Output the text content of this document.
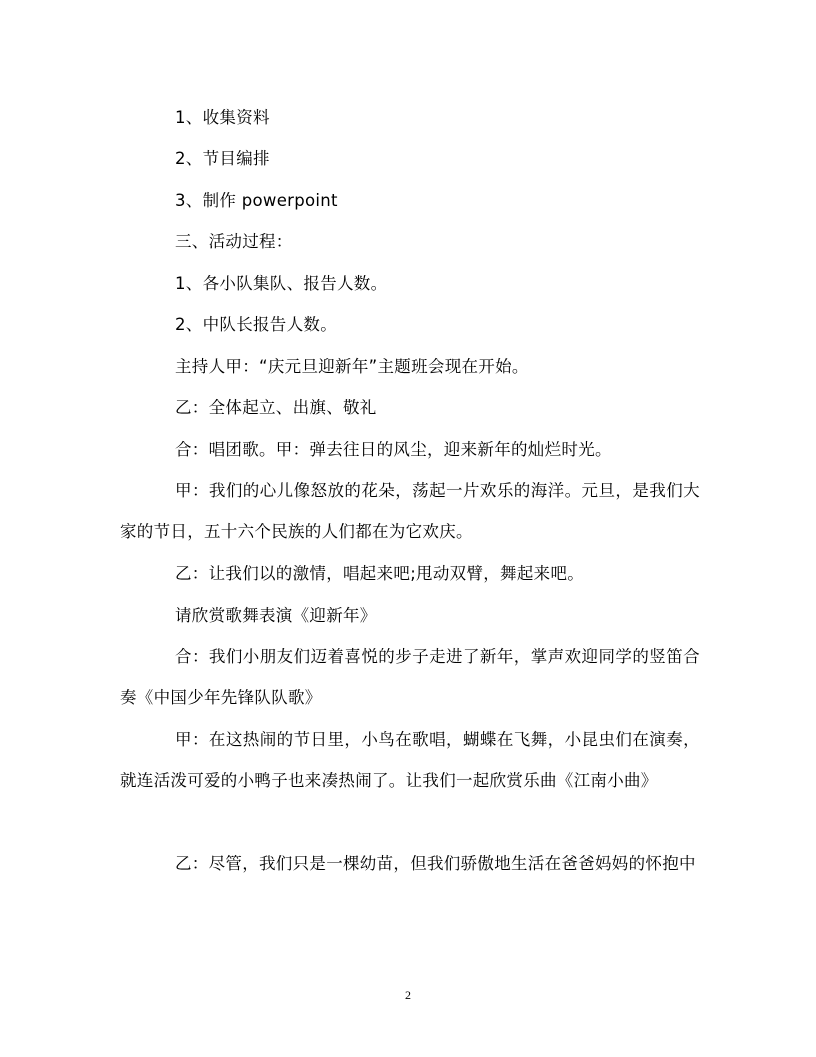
1、收集资料
2、节目编排
3、制作 powerpoint
三、活动过程：
1、各小队集队、报告人数。
2、中队长报告人数。
主持人甲：“庆元旦迎新年”主题班会现在开始。
乙：全体起立、出旗、敬礼
合：唱团歌。甲：弹去往日的风尘，迎来新年的灿烂时光。
甲：我们的心儿像怒放的花朵，荡起一片欢乐的海洋。元旦，是我们大家的节日，五十六个民族的人们都在为它欢庆。
乙：让我们以的激情，唱起来吧;甩动双臂，舞起来吧。
请欣赏歌舞表演《迎新年》
合：我们小朋友们迈着喜悦的步子走进了新年，掌声欢迎同学的竖笛合奏《中国少年先锋队队歌》
甲：在这热闹的节日里，小鸟在歌唱，蝴蝶在飞舞，小昆虫们在演奏，就连活泼可爱的小鸭子也来凑热闹了。让我们一起欣赏乐曲《江南小曲》
乙：尽管，我们只是一棵幼苗，但我们骄傲地生活在爸爸妈妈的怀抱中
2
